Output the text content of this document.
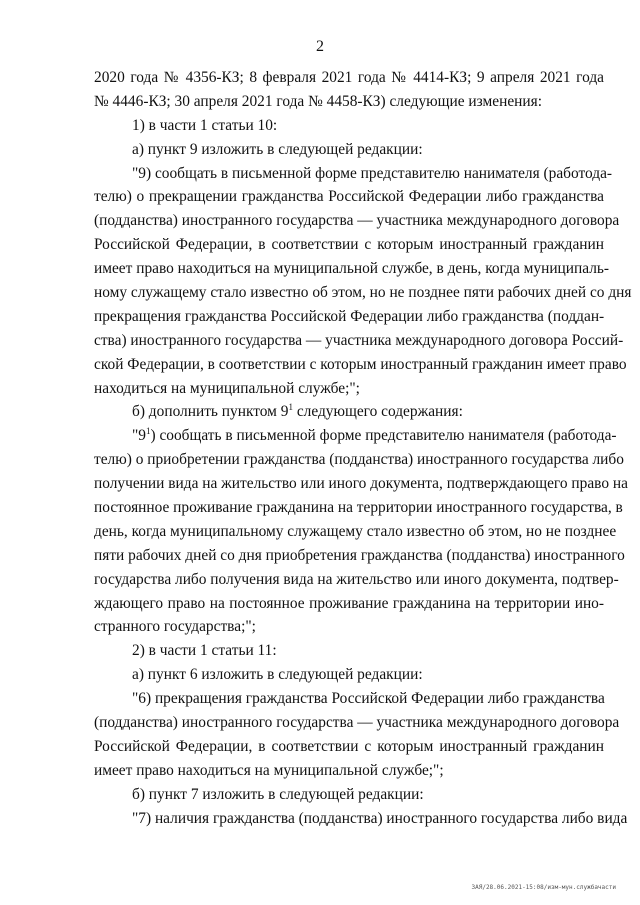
2
2020 года № 4356-КЗ; 8 февраля 2021 года № 4414-КЗ; 9 апреля 2021 года
№ 4446-КЗ; 30 апреля 2021 года № 4458-КЗ) следующие изменения:
1) в части 1 статьи 10:
а) пункт 9 изложить в следующей редакции:
"9) сообщать в письменной форме представителю нанимателя (работода-
телю) о прекращении гражданства Российской Федерации либо гражданства
(подданства) иностранного государства — участника международного договора
Российской Федерации, в соответствии с которым иностранный гражданин
имеет право находиться на муниципальной службе, в день, когда муниципаль-
ному служащему стало известно об этом, но не позднее пяти рабочих дней со дня
прекращения гражданства Российской Федерации либо гражданства (поддан-
ства) иностранного государства — участника международного договора Россий-
ской Федерации, в соответствии с которым иностранный гражданин имеет право
находиться на муниципальной службе;";
б) дополнить пунктом $9^1$ следующего содержания:
"$9^1$) сообщать в письменной форме представителю нанимателя (работода-
телю) о приобретении гражданства (подданства) иностранного государства либо
получении вида на жительство или иного документа, подтверждающего право на
постоянное проживание гражданина на территории иностранного государства, в
день, когда муниципальному служащему стало известно об этом, но не позднее
пяти рабочих дней со дня приобретения гражданства (подданства) иностранного
государства либо получения вида на жительство или иного документа, подтвер-
ждающего право на постоянное проживание гражданина на территории ино-
странного государства;";
2) в части 1 статьи 11:
а) пункт 6 изложить в следующей редакции:
"6) прекращения гражданства Российской Федерации либо гражданства
(подданства) иностранного государства — участника международного договора
Российской Федерации, в соответствии с которым иностранный гражданин
имеет право находиться на муниципальной службе;";
б) пункт 7 изложить в следующей редакции:
"7) наличия гражданства (подданства) иностранного государства либо вида
ЗАЯ/28.06.2021-15:08/изм-мун.службачасти
